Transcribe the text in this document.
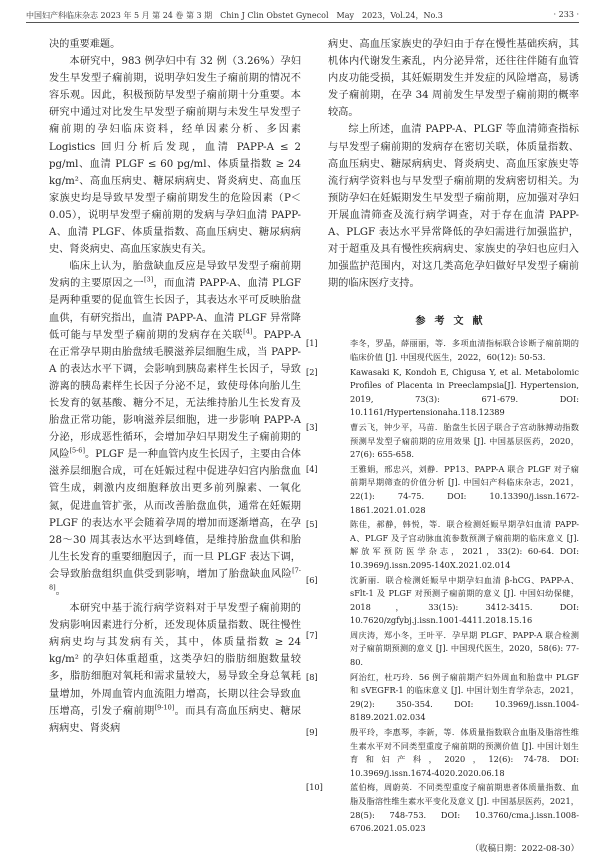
中国妇产科临床杂志 2023 年 5 月 第 24 卷 第 3 期　Chin J Clin Obstet Gynecol　May　2023，Vol.24，No.3	· 233 ·

决的重要难题。

本研究中，983 例孕妇中有 32 例（3.26%）孕妇发生早发型子痫前期，说明孕妇发生子痫前期的情况不容乐观。因此，积极预防早发型子痫前期十分重要。本研究中通过对比发生早发型子痫前期与未发生早发型子痫前期的孕妇临床资料，经单因素分析、多因素 Logistics 回归分析后发现，血清 PAPP-A ≤ 2 pg/ml、血清 PLGF ≤ 60 pg/ml、体质量指数 ≥ 24 kg/m²、高血压病史、糖尿病病史、肾炎病史、高血压家族史均是导致早发型子痫前期发生的危险因素（P＜0.05），说明早发型子痫前期的发病与孕妇血清 PAPP-A、血清 PLGF、体质量指数、高血压病史、糖尿病病史、肾炎病史、高血压家族史有关。

临床上认为，胎盘缺血反应是导致早发型子痫前期发病的主要原因之一[3]，而血清 PAPP-A、血清 PLGF 是两种重要的促血管生长因子，其表达水平可反映胎盘血供，有研究指出，血清 PAPP-A、血清 PLGF 异常降低可能与早发型子痫前期的发病存在关联[4]。PAPP-A 在正常孕早期由胎盘绒毛膜滋养层细胞生成，当 PAPP-A 的表达水平下调，会影响到胰岛素样生长因子，导致游离的胰岛素样生长因子分泌不足，致使母体向胎儿生长发育的氨基酸、糖分不足，无法维持胎儿生长发育及胎盘正常功能，影响滋养层细胞，进一步影响 PAPP-A 分泌，形成恶性循环，会增加孕妇早期发生子痫前期的风险[5-6]。PLGF 是一种血管内皮生长因子，主要由合体滋养层细胞合成，可在妊娠过程中促进孕妇宫内胎盘血管生成，刺激内皮细胞释放出更多前列腺素、一氧化氮，促进血管扩张，从而改善胎盘血供，通常在妊娠期 PLGF 的表达水平会随着孕周的增加而逐渐增高，在孕 28～30 周其表达水平达到峰值，是维持胎盘血供和胎儿生长发育的重要细胞因子，而一旦 PLGF 表达下调，会导致胎盘组织血供受到影响，增加了胎盘缺血风险[7-8]。

本研究中基于流行病学资料对于早发型子痫前期的发病影响因素进行分析，还发现体质量指数、既往慢性病病史均与其发病有关，其中，体质量指数 ≥ 24 kg/m² 的孕妇体重超重，这类孕妇的脂肪细胞数量较多，脂肪细胞对氧耗和需求量较大，易导致全身总氧耗量增加，外周血管内血流阻力增高，长期以往会导致血压增高，引发子痫前期[9-10]。而具有高血压病史、糖尿病病史、肾炎病

病史、高血压家族史的孕妇由于存在慢性基础疾病，其机体内代谢发生紊乱，内分泌异常，还往往伴随有血管内皮功能受损，其妊娠期发生并发症的风险增高，易诱发子痫前期，在孕 34 周前发生早发型子痫前期的概率较高。

综上所述，血清 PAPP-A、PLGF 等血清筛查指标与早发型子痫前期的发病存在密切关联，体质量指数、高血压病史、糖尿病病史、肾炎病史、高血压家族史等流行病学资料也与早发型子痫前期的发病密切相关。为预防孕妇在妊娠期发生早发型子痫前期，应加强对孕妇开展血清筛查及流行病学调查，对于存在血清 PAPP-A、PLGF 表达水平异常降低的孕妇需进行加强监护，对于超重及具有慢性疾病病史、家族史的孕妇也应归入加强监护范围内，对这几类高危孕妇做好早发型子痫前期的临床医疗支持。

参考文献
[1]	李冬，罗晶，薛丽丽，等．多项血清指标联合诊断子痫前期的临床价值 [J]. 中国现代医生，2022，60(12): 50-53.
[2]	Kawasaki K, Kondoh E, Chigusa Y, et al. Metabolomic Profiles of Placenta in Preeclampsia[J]. Hypertension, 2019, 73(3): 671-679. DOI: 10.1161/Hypertensionaha.118.12389
[3]	曹云飞，钟少平，马苗．胎盘生长因子联合子宫动脉搏动指数预测早发型子痫前期的应用效果 [J]. 中国基层医药，2020，27(6): 655-658.
[4]	王雅娟，邢忠兴，刘静．PP13、PAPP-A 联合 PLGF 对子痫前期早期筛查的价值分析 [J]. 中国妇产科临床杂志，2021，22(1): 74-75. DOI: 10.13390/j.issn.1672-1861.2021.01.028
[5]	陈佳，郝静，韩悦，等．联合检测妊娠早期孕妇血清 PAPP-A、PLGF 及子宫动脉血流参数预测子痫前期的临床意义 [J]. 解放军预防医学杂志，2021，33(2): 60-64. DOI: 10.3969/j.issn.2095-140X.2021.02.014
[6]	沈新丽．联合检测妊娠早中期孕妇血清 β-hCG、PAPP-A、sFlt-1 及 PLGF 对预测子痫前期的意义 [J]. 中国妇幼保健，2018，33(15): 3412-3415. DOI: 10.7620/zgfybj.j.issn.1001-4411.2018.15.16
[7]	周庆涛，郑小冬，王叶平．孕早期 PLGF、PAPP-A 联合检测对子痫前期预测的意义 [J]. 中国现代医生，2020，58(6): 77-80.
[8]	阿治红，杜巧玲．56 例子痫前期产妇外周血和胎盘中 PLGF 和 sVEGFR-1 的临床意义 [J]. 中国计划生育学杂志，2021，29(2): 350-354. DOI: 10.3969/j.issn.1004-8189.2021.02.034
[9]	殷平玲，李惠琴，李新，等．体质量指数联合血脂及脂溶性维生素水平对不同类型重度子痫前期的预测价值 [J]. 中国计划生育和妇产科，2020，12(6): 74-78. DOI: 10.3969/j.issn.1674-4020.2020.06.18
[10]	蓝伯梅，周蔚英．不同类型重度子痫前期患者体质量指数、血脂及脂溶性维生素水平变化及意义 [J]. 中国基层医药，2021，28(5): 748-753. DOI: 10.3760/cma.j.issn.1008-6706.2021.05.023
（收稿日期：2022-08-30）
